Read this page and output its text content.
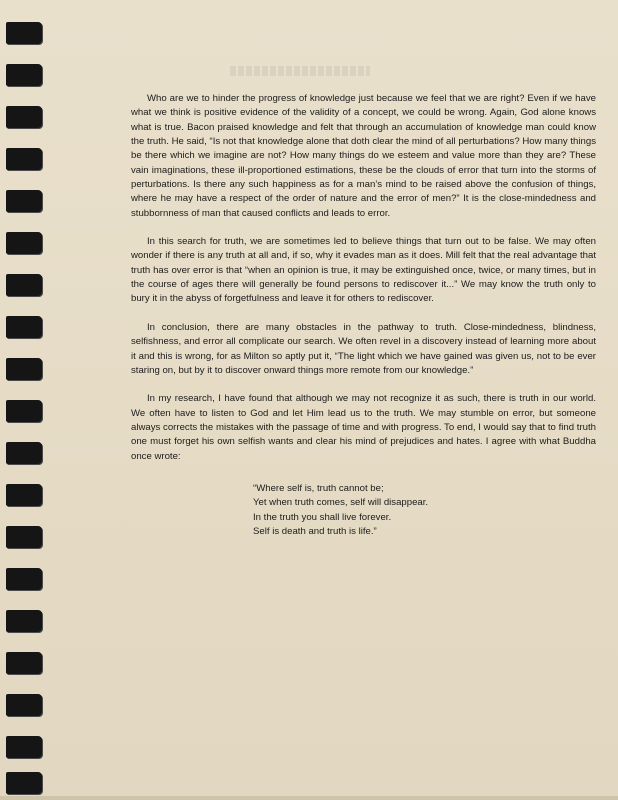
Who are we to hinder the progress of knowledge just because we feel that we are right? Even if we have what we think is positive evidence of the validity of a concept, we could be wrong. Again, God alone knows what is true. Bacon praised knowledge and felt that through an accumulation of knowledge man could know the truth. He said, “Is not that knowledge alone that doth clear the mind of all perturbations? How many things be there which we imagine are not? How many things do we esteem and value more than they are? These vain imaginations, these ill-proportioned estimations, these be the clouds of error that turn into the storms of perturbations. Is there any such happiness as for a man’s mind to be raised above the confusion of things, where he may have a respect of the order of nature and the error of men?” It is the close-mindedness and stubbornness of man that caused conflicts and leads to error.

In this search for truth, we are sometimes led to believe things that turn out to be false. We may often wonder if there is any truth at all and, if so, why it evades man as it does. Mill felt that the real advantage that truth has over error is that “when an opinion is true, it may be extinguished once, twice, or many times, but in the course of ages there will generally be found persons to rediscover it...” We may know the truth only to bury it in the abyss of forgetfulness and leave it for others to rediscover.

In conclusion, there are many obstacles in the pathway to truth. Close-mindedness, blindness, selfishness, and error all complicate our search. We often revel in a discovery instead of learning more about it and this is wrong, for as Milton so aptly put it, “The light which we have gained was given us, not to be ever staring on, but by it to discover onward things more remote from our knowledge.”

In my research, I have found that although we may not recognize it as such, there is truth in our world. We often have to listen to God and let Him lead us to the truth. We may stumble on error, but someone always corrects the mistakes with the passage of time and with progress. To end, I would say that to find truth one must forget his own selfish wants and clear his mind of prejudices and hates. I agree with what Buddha once wrote:

“Where self is, truth cannot be;
Yet when truth comes, self will disappear.
In the truth you shall live forever.
Self is death and truth is life.”
